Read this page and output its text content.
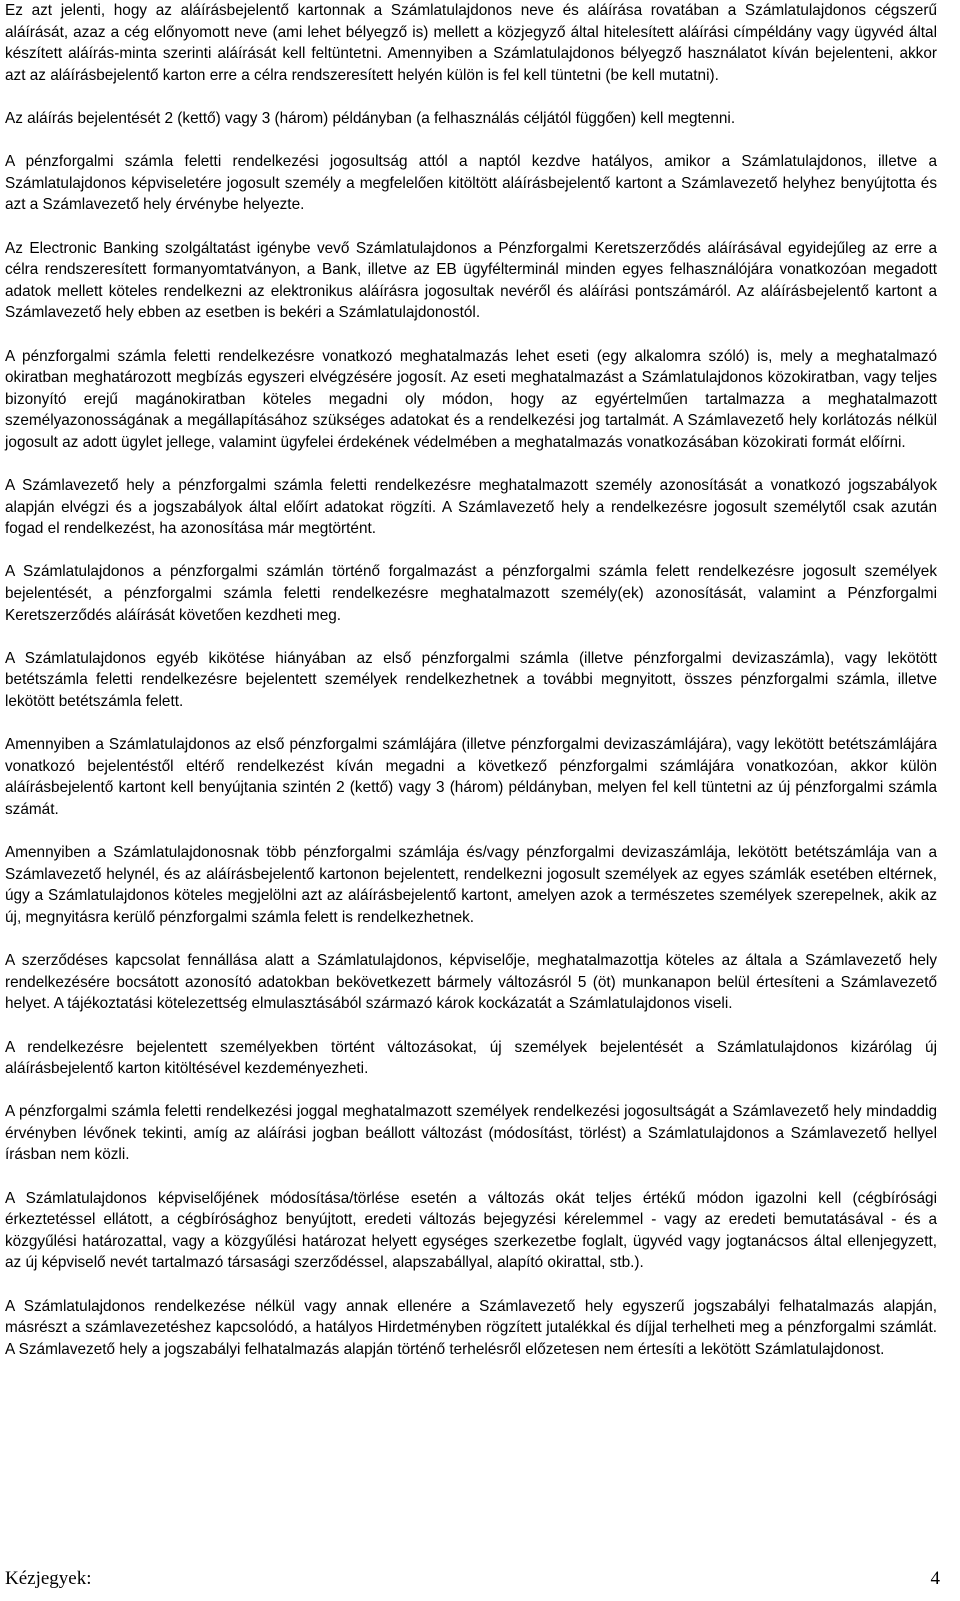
Ez azt jelenti, hogy az aláírásbejelentő kartonnak a Számlatulajdonos neve és aláírása rovatában a Számlatulajdonos cégszerű aláírását, azaz a cég előnyomott neve (ami lehet bélyegző is) mellett a közjegyző által hitelesített aláírási címpéldány vagy ügyvéd által készített aláírás-minta szerinti aláírását kell feltüntetni. Amennyiben a Számlatulajdonos bélyegző használatot kíván bejelenteni, akkor azt az aláírásbejelentő karton erre a célra rendszeresített helyén külön is fel kell tüntetni (be kell mutatni).

Az aláírás bejelentését 2 (kettő) vagy 3 (három) példányban (a felhasználás céljától függően) kell megtenni.

A pénzforgalmi számla feletti rendelkezési jogosultság attól a naptól kezdve hatályos, amikor a Számlatulajdonos, illetve a Számlatulajdonos képviseletére jogosult személy a megfelelően kitöltött aláírásbejelentő kartont a Számlavezető helyhez benyújtotta és azt a Számlavezető hely érvénybe helyezte.

Az Electronic Banking szolgáltatást igénybe vevő Számlatulajdonos a Pénzforgalmi Keretszerződés aláírásával egyidejűleg az erre a célra rendszeresített formanyomtatványon, a Bank, illetve az EB ügyfélterminál minden egyes felhasználójára vonatkozóan megadott adatok mellett köteles rendelkezni az elektronikus aláírásra jogosultak nevéről és aláírási pontszámáról. Az aláírásbejelentő kartont a Számlavezető hely ebben az esetben is bekéri a Számlatulajdonostól.

A pénzforgalmi számla feletti rendelkezésre vonatkozó meghatalmazás lehet eseti (egy alkalomra szóló) is, mely a meghatalmazó okiratban meghatározott megbízás egyszeri elvégzésére jogosít. Az eseti meghatalmazást a Számlatulajdonos közokiratban, vagy teljes bizonyító erejű magánokiratban köteles megadni oly módon, hogy az egyértelműen tartalmazza a meghatalmazott személyazonosságának a megállapításához szükséges adatokat és a rendelkezési jog tartalmát. A Számlavezető hely korlátozás nélkül jogosult az adott ügylet jellege, valamint ügyfelei érdekének védelmében a meghatalmazás vonatkozásában közokirati formát előírni.

A Számlavezető hely a pénzforgalmi számla feletti rendelkezésre meghatalmazott személy azonosítását a vonatkozó jogszabályok alapján elvégzi és a jogszabályok által előírt adatokat rögzíti. A Számlavezető hely a rendelkezésre jogosult személytől csak azután fogad el rendelkezést, ha azonosítása már megtörtént.

A Számlatulajdonos a pénzforgalmi számlán történő forgalmazást a pénzforgalmi számla felett rendelkezésre jogosult személyek bejelentését, a pénzforgalmi számla feletti rendelkezésre meghatalmazott személy(ek) azonosítását, valamint a Pénzforgalmi Keretszerződés aláírását követően kezdheti meg.

A Számlatulajdonos egyéb kikötése hiányában az első pénzforgalmi számla (illetve pénzforgalmi devizaszámla), vagy lekötött betétszámla feletti rendelkezésre bejelentett személyek rendelkezhetnek a további megnyitott, összes pénzforgalmi számla, illetve lekötött betétszámla felett.

Amennyiben a Számlatulajdonos az első pénzforgalmi számlájára (illetve pénzforgalmi devizaszámlájára), vagy lekötött betétszámlájára vonatkozó bejelentéstől eltérő rendelkezést kíván megadni a következő pénzforgalmi számlájára vonatkozóan, akkor külön aláírásbejelentő kartont kell benyújtania szintén 2 (kettő) vagy 3 (három) példányban, melyen fel kell tüntetni az új pénzforgalmi számla számát.

Amennyiben a Számlatulajdonosnak több pénzforgalmi számlája és/vagy pénzforgalmi devizaszámlája, lekötött betétszámlája van a Számlavezető helynél, és az aláírásbejelentő kartonon bejelentett, rendelkezni jogosult személyek az egyes számlák esetében eltérnek, úgy a Számlatulajdonos köteles megjelölni azt az aláírásbejelentő kartont, amelyen azok a természetes személyek szerepelnek, akik az új, megnyitásra kerülő pénzforgalmi számla felett is rendelkezhetnek.

A szerződéses kapcsolat fennállása alatt a Számlatulajdonos, képviselője, meghatalmazottja köteles az általa a Számlavezető hely rendelkezésére bocsátott azonosító adatokban bekövetkezett bármely változásról 5 (öt) munkanapon belül értesíteni a Számlavezető helyet. A tájékoztatási kötelezettség elmulasztásából származó károk kockázatát a Számlatulajdonos viseli.

A rendelkezésre bejelentett személyekben történt változásokat, új személyek bejelentését a Számlatulajdonos kizárólag új aláírásbejelentő karton kitöltésével kezdeményezheti.

A pénzforgalmi számla feletti rendelkezési joggal meghatalmazott személyek rendelkezési jogosultságát a Számlavezető hely mindaddig érvényben lévőnek tekinti, amíg az aláírási jogban beállott változást (módosítást, törlést) a Számlatulajdonos a Számlavezető hellyel írásban nem közli.

A Számlatulajdonos képviselőjének módosítása/törlése esetén a változás okát teljes értékű módon igazolni kell (cégbírósági érkeztetéssel ellátott, a cégbírósághoz benyújtott, eredeti változás bejegyzési kérelemmel - vagy az eredeti bemutatásával - és a közgyűlési határozattal, vagy a közgyűlési határozat helyett egységes szerkezetbe foglalt, ügyvéd vagy jogtanácsos által ellenjegyzett, az új képviselő nevét tartalmazó társasági szerződéssel, alapszabállyal, alapító okirattal, stb.).

A Számlatulajdonos rendelkezése nélkül vagy annak ellenére a Számlavezető hely egyszerű jogszabályi felhatalmazás alapján, másrészt a számlavezetéshez kapcsolódó, a hatályos Hirdetményben rögzített jutalékkal és díjjal terhelheti meg a pénzforgalmi számlát. A Számlavezető hely a jogszabályi felhatalmazás alapján történő terhelésről előzetesen nem értesíti a lekötött Számlatulajdonost.

Kézjegyek:	4
